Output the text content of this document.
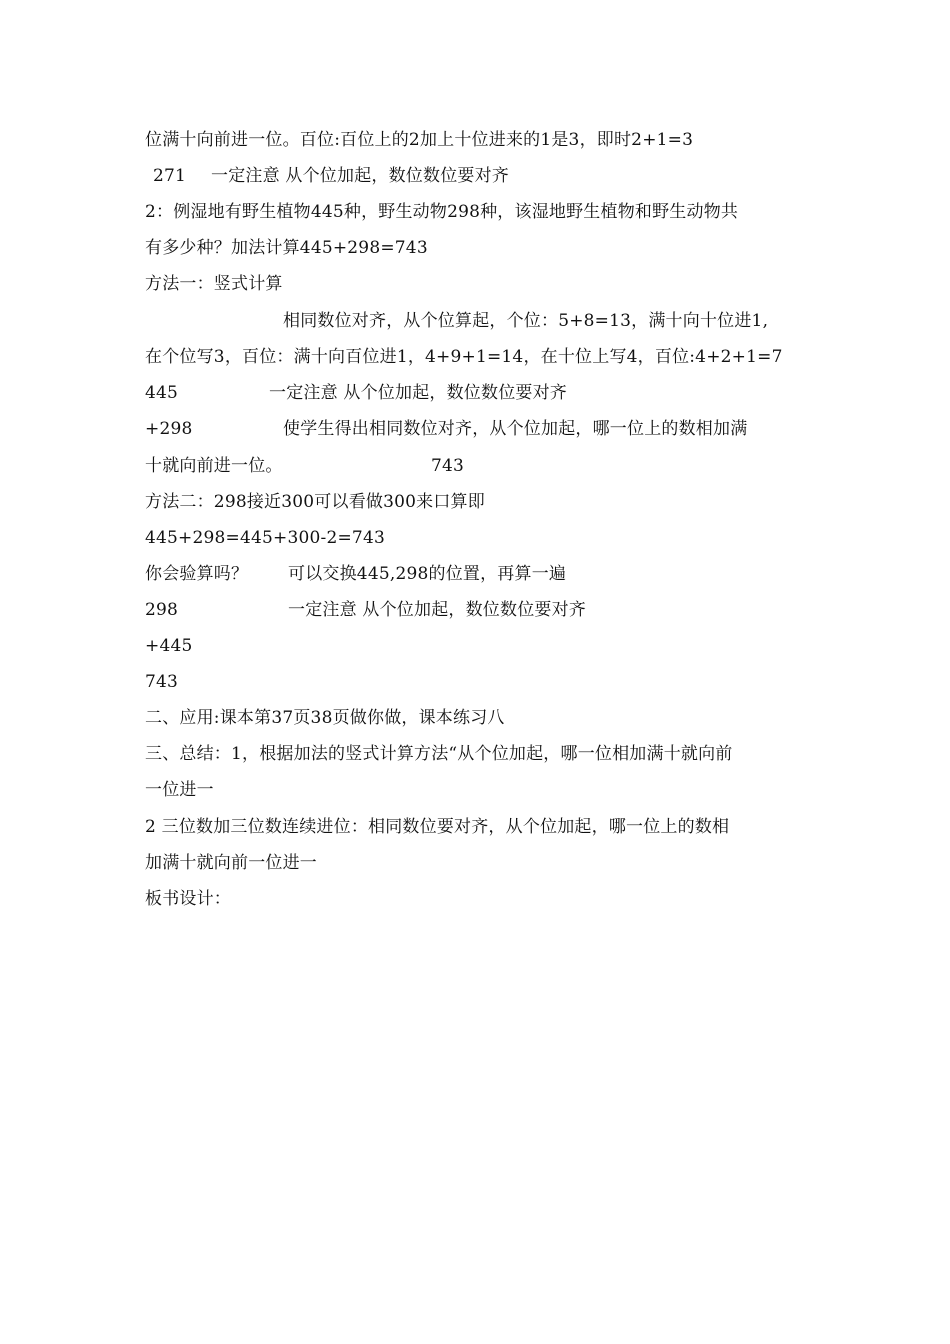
位满十向前进一位。百位:百位上的2加上十位进来的1是3，即时2+1=3
271 一定注意 从个位加起，数位数位要对齐
2：例湿地有野生植物445种，野生动物298种，该湿地野生植物和野生动物共
有多少种？加法计算445+298=743
方法一：竖式计算
相同数位对齐，从个位算起，个位：5+8=13，满十向十位进1,
在个位写3，百位：满十向百位进1，4+9+1=14，在十位上写4，百位:4+2+1=7
445	一定注意 从个位加起，数位数位要对齐
+298	使学生得出相同数位对齐，从个位加起，哪一位上的数相加满
十就向前进一位。	743
方法二：298接近300可以看做300来口算即
445+298=445+300-2=743
你会验算吗？ 可以交换445,298的位置，再算一遍
298	一定注意 从个位加起，数位数位要对齐
+445
743
二、应用:课本第37页38页做你做，课本练习八
三、总结：1，根据加法的竖式计算方法“从个位加起，哪一位相加满十就向前
一位进一
2 三位数加三位数连续进位：相同数位要对齐，从个位加起，哪一位上的数相
加满十就向前一位进一
板书设计：
